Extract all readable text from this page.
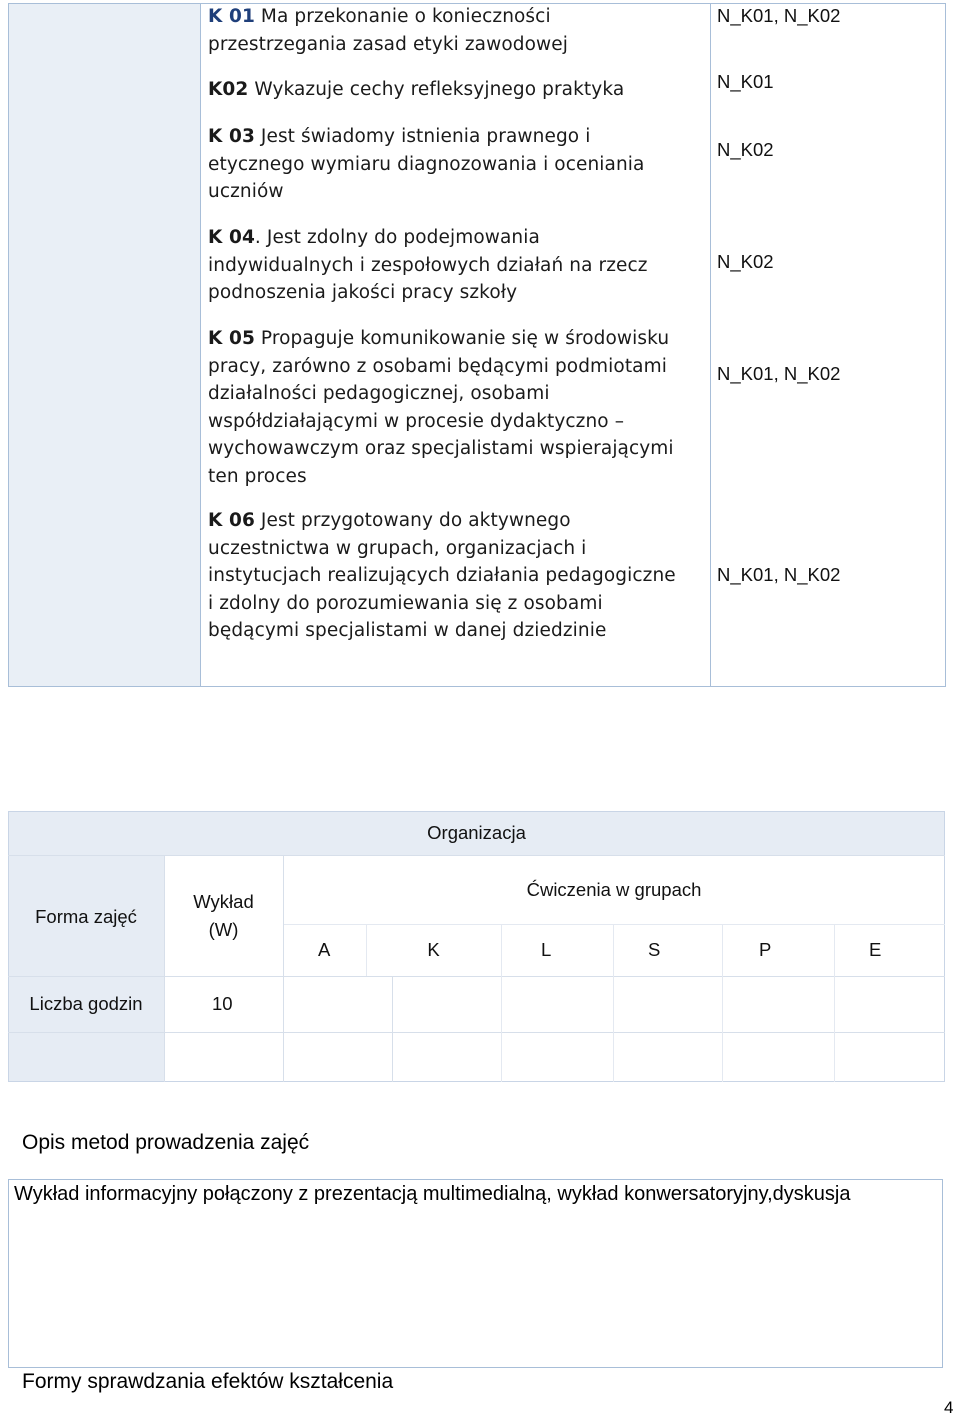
K 01 Ma przekonanie o konieczności
przestrzegania zasad etyki zawodowej
N_K01, N_K02
K02 Wykazuje cechy refleksyjnego praktyka	N_K01
K 03 Jest świadomy istnienia prawnego i
etycznego wymiaru diagnozowania i oceniania
uczniów
N_K02
K 04. Jest zdolny do podejmowania
indywidualnych i zespołowych działań na rzecz
podnoszenia jakości pracy szkoły
N_K02
K 05 Propaguje komunikowanie się w środowisku
pracy, zarówno z osobami będącymi podmiotami
działalności pedagogicznej, osobami
współdziałającymi w procesie dydaktyczno –
wychowawczym oraz specjalistami wspierającymi
ten proces
N_K01, N_K02
K 06 Jest przygotowany do aktywnego
uczestnictwa w grupach, organizacjach i
instytucjach realizujących działania pedagogiczne
i zdolny do porozumiewania się z osobami
będącymi specjalistami w danej dziedzinie
N_K01, N_K02
Organizacja
Forma zajęć
Wykład
(W)
Ćwiczenia w grupach
A	K	L	S	P	E
Liczba godzin	10
Opis metod prowadzenia zajęć
Wykład informacyjny połączony z prezentacją multimedialną, wykład konwersatoryjny,dyskusja
Formy sprawdzania efektów kształcenia
4
